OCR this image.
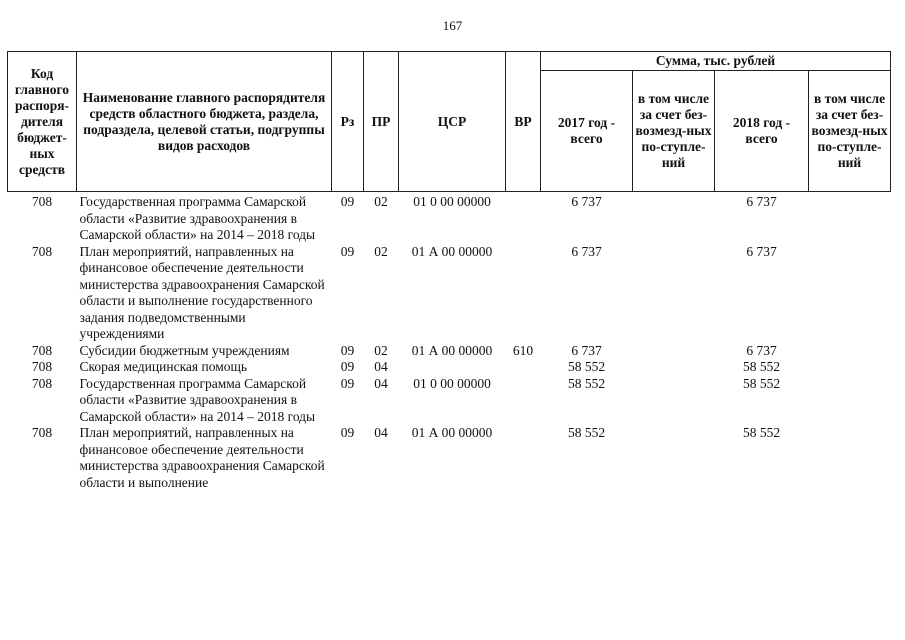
167
Код главного распоря-дителя бюджет-ных средств	Наименование главного распорядителя средств областного бюджета, раздела, подраздела, целевой статьи, подгруппы видов расходов	Рз	ПР	ЦСР	ВР	Сумма, тыс. рублей			
						2017 год - всего	в том числе за счет без-возмезд-ных по-ступле-ний	2018 год - всего	в том числе за счет без-возмезд-ных по-ступле-ний
708	Государственная программа Самарской области «Развитие здравоохранения в Самарской области» на 2014 – 2018 годы	09	02	01 0 00 00000		6 737		6 737	
708	План мероприятий, направленных на финансовое обеспечение деятельности министерства здравоохранения Самарской области и выполнение государственного задания подведомственными учреждениями	09	02	01 А 00 00000		6 737		6 737	
708	Субсидии бюджетным учреждениям	09	02	01 А 00 00000	610	6 737		6 737	
708	Скорая медицинская помощь	09	04			58 552		58 552	
708	Государственная программа Самарской области «Развитие здравоохранения в Самарской области» на 2014 – 2018 годы	09	04	01 0 00 00000		58 552		58 552	
708	План мероприятий, направленных на финансовое обеспечение деятельности министерства здравоохранения Самарской области и выполнение	09	04	01 А 00 00000		58 552		58 552	
